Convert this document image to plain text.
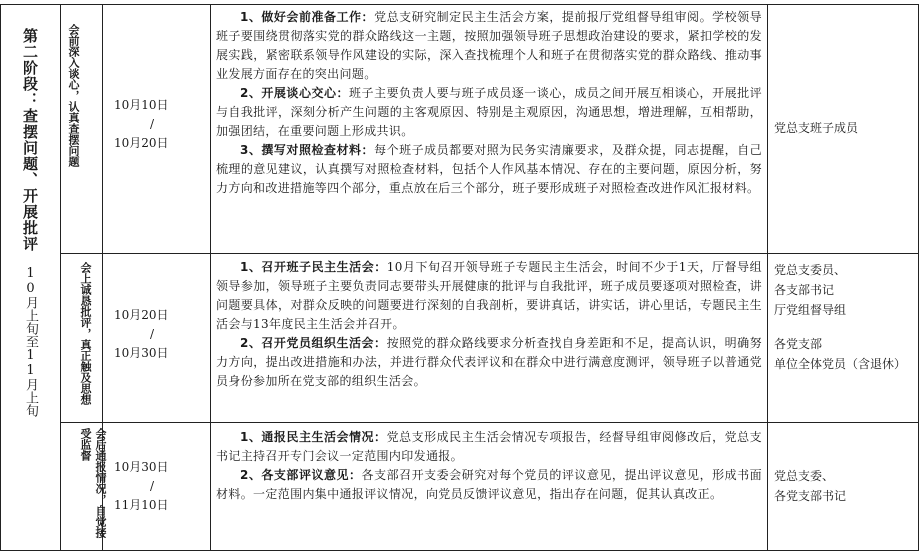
第二阶段：查摆问题、开展批评
10月上旬至11月上旬
会前深入谈心，认真查摆问题	10月10日
/
10月20日

1、做好会前准备工作：党总支研究制定民主生活会方案，提前报厅党组督导组审阅。学校领导班子要围绕贯彻落实党的群众路线这一主题，按照加强领导班子思想政治建设的要求，紧扣学校的发展实践，紧密联系领导作风建设的实际，深入查找梳理个人和班子在贯彻落实党的群众路线、推动事业发展方面存在的突出问题。

2、开展谈心交心：班子主要负责人要与班子成员逐一谈心，成员之间开展互相谈心，开展批评与自我批评，深刻分析产生问题的主客观原因、特别是主观原因，沟通思想，增进理解，互相帮助，加强团结，在重要问题上形成共识。

3、撰写对照检查材料：每个班子成员都要对照为民务实清廉要求，及群众提，同志提醒，自己梳理的意见建议，认真撰写对照检查材料，包括个人作风基本情况、存在的主要问题，原因分析，努力方向和改进措施等四个部分，重点放在后三个部分，班子要形成班子对照检查改进作风汇报材料。

党总支班子成员
会上诚恳批评，真正触及思想	10月20日
/
10月30日

1、召开班子民主生活会：10月下旬召开领导班子专题民主生活会，时间不少于1天，厅督导组领导参加，领导班子主要负责同志要带头开展健康的批评与自我批评，班子成员要逐项对照检查，讲问题要具体，对群众反映的问题要进行深刻的自我剖析，要讲真话，讲实话，讲心里话，专题民主生活会与13年度民主生活会并召开。

2、召开党员组织生活会：按照党的群众路线要求分析查找自身差距和不足，提高认识，明确努力方向，提出改进措施和办法，并进行群众代表评议和在群众中进行满意度测评，领导班子以普通党员身份参加所在党支部的组织生活会。

党总支委员、
各支部书记
厅党组督导组
各党支部
单位全体党员（含退休）
会后通报情况，自觉接受监督
10月30日
/
11月10日

1、通报民主生活会情况：党总支形成民主生活会情况专项报告，经督导组审阅修改后，党总支书记主持召开专门会议一定范围内印发通报。

2、各支部评议意见：各支部召开支委会研究对每个党员的评议意见，提出评议意见，形成书面材料。一定范围内集中通报评议情况，向党员反馈评议意见，指出存在问题，促其认真改正。

党总支委、
各党支部书记
